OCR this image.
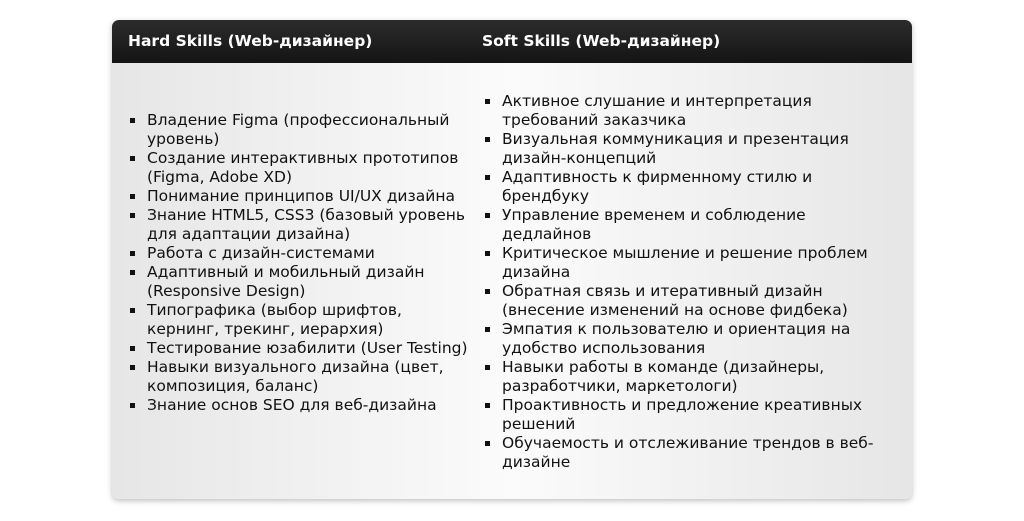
Hard Skills (Web-дизайнер)	Soft Skills (Web-дизайнер)
Владение Figma (профессиональный уровень)
Создание интерактивных прототипов (Figma, Adobe XD)
Понимание принципов UI/UX дизайна
Знание HTML5, CSS3 (базовый уровень для адаптации дизайна)
Работа с дизайн-системами
Адаптивный и мобильный дизайн (Responsive Design)
Типографика (выбор шрифтов, кернинг, трекинг, иерархия)
Тестирование юзабилити (User Testing)
Навыки визуального дизайна (цвет, композиция, баланс)
Знание основ SEO для веб-дизайна
Активное слушание и интерпретация требований заказчика
Визуальная коммуникация и презентация дизайн-концепций
Адаптивность к фирменному стилю и брендбуку
Управление временем и соблюдение дедлайнов
Критическое мышление и решение проблем дизайна
Обратная связь и итеративный дизайн (внесение изменений на основе фидбека)
Эмпатия к пользователю и ориентация на удобство использования
Навыки работы в команде (дизайнеры, разработчики, маркетологи)
Проактивность и предложение креативных решений
Обучаемость и отслеживание трендов в веб-дизайне
